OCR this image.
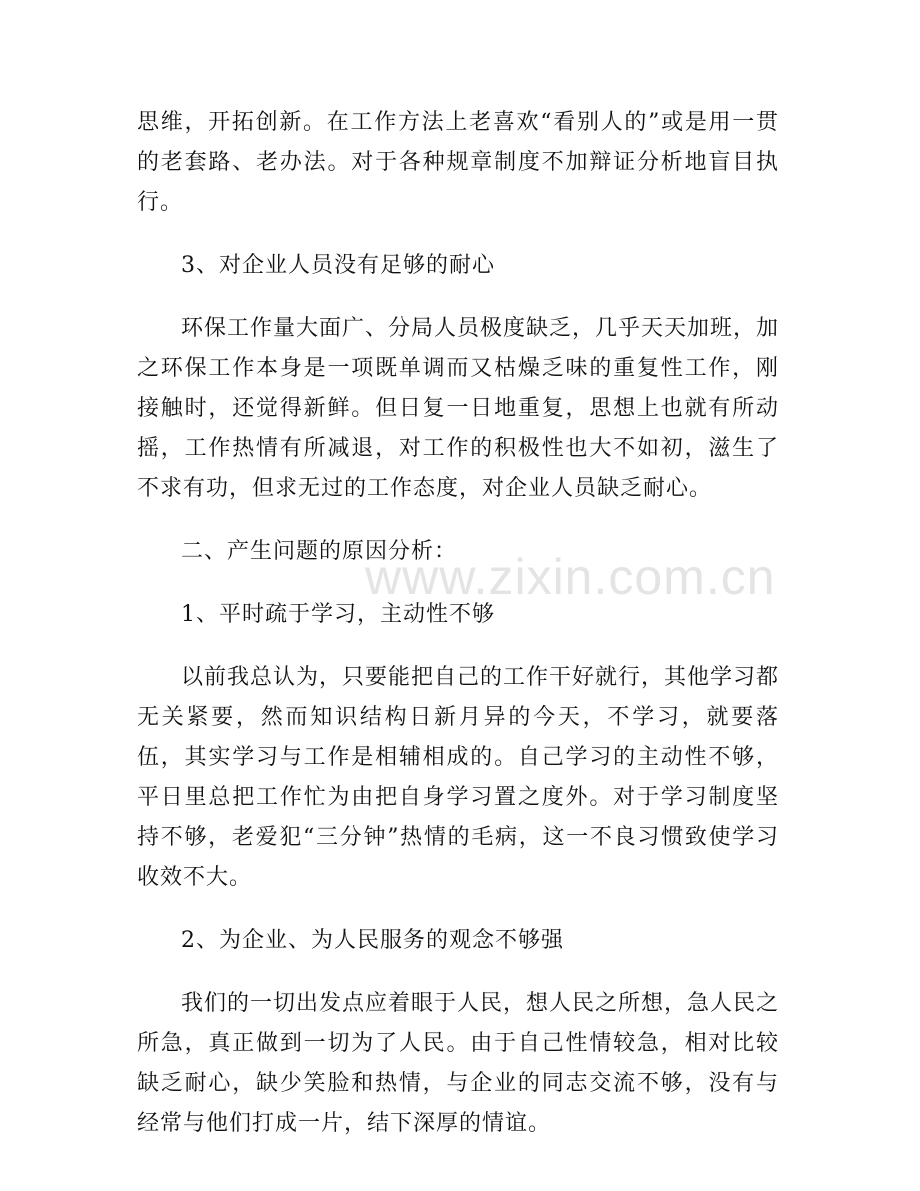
思维，开拓创新。在工作方法上老喜欢“看别人的”或是用一贯的老套路、老办法。对于各种规章制度不加辩证分析地盲目执行。

3、对企业人员没有足够的耐心

环保工作量大面广、分局人员极度缺乏，几乎天天加班，加之环保工作本身是一项既单调而又枯燥乏味的重复性工作，刚接触时，还觉得新鲜。但日复一日地重复，思想上也就有所动摇，工作热情有所减退，对工作的积极性也大不如初，滋生了不求有功，但求无过的工作态度，对企业人员缺乏耐心。

二、产生问题的原因分析：

1、平时疏于学习，主动性不够

以前我总认为，只要能把自己的工作干好就行，其他学习都无关紧要，然而知识结构日新月异的今天，不学习，就要落伍，其实学习与工作是相辅相成的。自己学习的主动性不够，平日里总把工作忙为由把自身学习置之度外。对于学习制度坚持不够，老爱犯“三分钟”热情的毛病，这一不良习惯致使学习收效不大。

2、为企业、为人民服务的观念不够强

我们的一切出发点应着眼于人民，想人民之所想，急人民之所急，真正做到一切为了人民。由于自己性情较急，相对比较缺乏耐心，缺少笑脸和热情，与企业的同志交流不够，没有与经常与他们打成一片，结下深厚的情谊。

www.zixin.com.cn
